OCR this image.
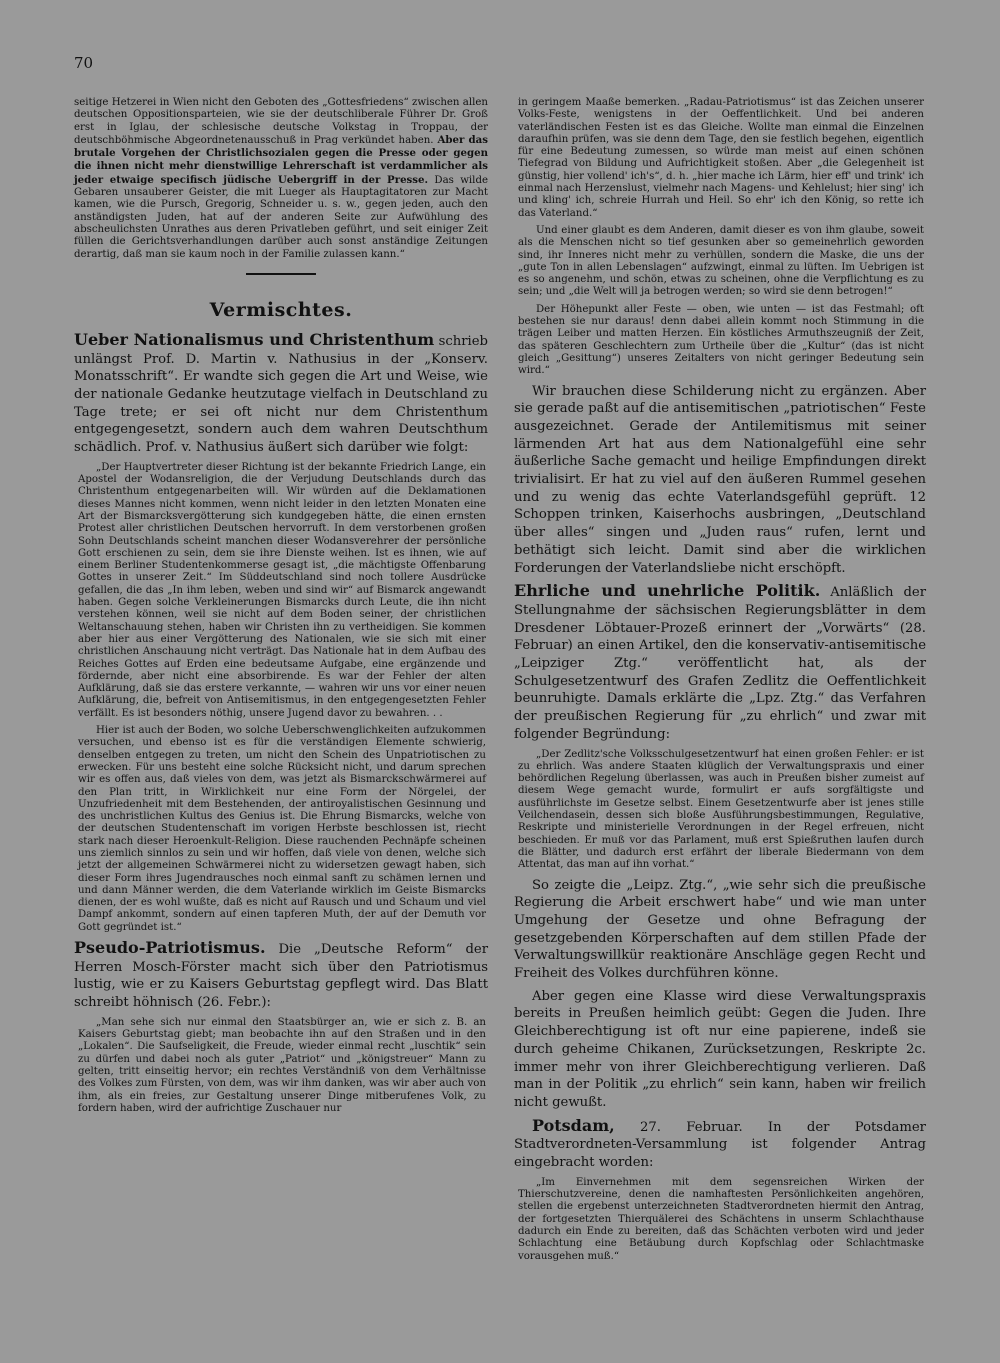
70

seitige Hetzerei in Wien nicht den Geboten des „Gottesfriedens“ zwischen allen deutschen Oppositionsparteien, wie sie der deutschliberale Führer Dr. Groß erst in Iglau, der schlesische deutsche Volkstag in Troppau, der deutschböhmische Abgeordnetenausschuß in Prag verkündet haben. Aber das brutale Vorgehen der Christlichsozialen gegen die Presse oder gegen die ihnen nicht mehr dienstwillige Lehrerschaft ist verdammlicher als jeder etwaige specifisch jüdische Uebergriff in der Presse. Das wilde Gebaren unsauberer Geister, die mit Lueger als Hauptagitatoren zur Macht kamen, wie die Pursch, Gregorig, Schneider u. s. w., gegen jeden, auch den anständigsten Juden, hat auf der anderen Seite zur Aufwühlung des abscheulichsten Unrathes aus deren Privatleben geführt, und seit einiger Zeit füllen die Gerichtsverhandlungen darüber auch sonst anständige Zeitungen derartig, daß man sie kaum noch in der Familie zulassen kann.“

Vermischtes.

Ueber Nationalismus und Christenthum schrieb unlängst Prof. D. Martin v. Nathusius in der „Konserv. Monatsschrift“. Er wandte sich gegen die Art und Weise, wie der nationale Gedanke heutzutage vielfach in Deutschland zu Tage trete; er sei oft nicht nur dem Christenthum entgegengesetzt, sondern auch dem wahren Deutschthum schädlich. Prof. v. Nathusius äußert sich darüber wie folgt:

„Der Hauptvertreter dieser Richtung ist der bekannte Friedrich Lange, ein Apostel der Wodansreligion, die der Verjudung Deutschlands durch das Christenthum entgegenarbeiten will. Wir würden auf die Deklamationen dieses Mannes nicht kommen, wenn nicht leider in den letzten Monaten eine Art der Bismarcksvergötterung sich kundgegeben hätte, die einen ernsten Protest aller christlichen Deutschen hervorruft. In dem verstorbenen großen Sohn Deutschlands scheint manchen dieser Wodansverehrer der persönliche Gott erschienen zu sein, dem sie ihre Dienste weihen. Ist es ihnen, wie auf einem Berliner Studentenkommerse gesagt ist, „die mächtigste Offenbarung Gottes in unserer Zeit.“ Im Süddeutschland sind noch tollere Ausdrücke gefallen, die das „In ihm leben, weben und sind wir“ auf Bismarck angewandt haben. Gegen solche Verkleinerungen Bismarcks durch Leute, die ihn nicht verstehen können, weil sie nicht auf dem Boden seiner, der christlichen Weltanschauung stehen, haben wir Christen ihn zu vertheidigen. Sie kommen aber hier aus einer Vergötterung des Nationalen, wie sie sich mit einer christlichen Anschauung nicht verträgt. Das Nationale hat in dem Aufbau des Reiches Gottes auf Erden eine bedeutsame Aufgabe, eine ergänzende und fördernde, aber nicht eine absorbirende. Es war der Fehler der alten Aufklärung, daß sie das erstere verkannte, — wahren wir uns vor einer neuen Aufklärung, die, befreit von Antisemitismus, in den entgegengesetzten Fehler verfällt. Es ist besonders nöthig, unsere Jugend davor zu bewahren. . .

Hier ist auch der Boden, wo solche Ueberschwenglichkeiten aufzukommen versuchen, und ebenso ist es für die verständigen Elemente schwierig, denselben entgegen zu treten, um nicht den Schein des Unpatriotischen zu erwecken. Für uns besteht eine solche Rücksicht nicht, und darum sprechen wir es offen aus, daß vieles von dem, was jetzt als Bismarckschwärmerei auf den Plan tritt, in Wirklichkeit nur eine Form der Nörgelei, der Unzufriedenheit mit dem Bestehenden, der antiroyalistischen Gesinnung und des unchristlichen Kultus des Genius ist. Die Ehrung Bismarcks, welche von der deutschen Studentenschaft im vorigen Herbste beschlossen ist, riecht stark nach dieser Heroenkult-Religion. Diese rauchenden Pechnäpfe scheinen uns ziemlich sinnlos zu sein und wir hoffen, daß viele von denen, welche sich jetzt der allgemeinen Schwärmerei nicht zu widersetzen gewagt haben, sich dieser Form ihres Jugendrausches noch einmal sanft zu schämen lernen und und dann Männer werden, die dem Vaterlande wirklich im Geiste Bismarcks dienen, der es wohl wußte, daß es nicht auf Rausch und und Schaum und viel Dampf ankommt, sondern auf einen tapferen Muth, der auf der Demuth vor Gott gegründet ist.“

Pseudo-Patriotismus. Die „Deutsche Reform“ der Herren Mosch-Förster macht sich über den Patriotismus lustig, wie er zu Kaisers Geburtstag gepflegt wird. Das Blatt schreibt höhnisch (26. Febr.):

„Man sehe sich nur einmal den Staatsbürger an, wie er sich z. B. an Kaisers Geburtstag giebt; man beobachte ihn auf den Straßen und in den „Lokalen“. Die Saufseligkeit, die Freude, wieder einmal recht „luschtik“ sein zu dürfen und dabei noch als guter „Patriot“ und „königstreuer“ Mann zu gelten, tritt einseitig hervor; ein rechtes Verständniß von dem Verhältnisse des Volkes zum Fürsten, von dem, was wir ihm danken, was wir aber auch von ihm, als ein freies, zur Gestaltung unserer Dinge mitberufenes Volk, zu fordern haben, wird der aufrichtige Zuschauer nur

in geringem Maaße bemerken. „Radau-Patriotismus“ ist das Zeichen unserer Volks-Feste, wenigstens in der Oeffentlichkeit. Und bei anderen vaterländischen Festen ist es das Gleiche. Wollte man einmal die Einzelnen daraufhin prüfen, was sie denn dem Tage, den sie festlich begehen, eigentlich für eine Bedeutung zumessen, so würde man meist auf einen schönen Tiefegrad von Bildung und Aufrichtigkeit stoßen. Aber „die Gelegenheit ist günstig, hier vollend' ich's“, d. h. „hier mache ich Lärm, hier eff' und trink' ich einmal nach Herzenslust, vielmehr nach Magens- und Kehlelust; hier sing' ich und kling' ich, schreie Hurrah und Heil. So ehr' ich den König, so rette ich das Vaterland.“

Und einer glaubt es dem Anderen, damit dieser es von ihm glaube, soweit als die Menschen nicht so tief gesunken aber so gemeinehrlich geworden sind, ihr Inneres nicht mehr zu verhüllen, sondern die Maske, die uns der „gute Ton in allen Lebenslagen“ aufzwingt, einmal zu lüften. Im Uebrigen ist es so angenehm, und schön, etwas zu scheinen, ohne die Verpflichtung es zu sein; und „die Welt will ja betrogen werden; so wird sie denn betrogen!“

Der Höhepunkt aller Feste — oben, wie unten — ist das Festmahl; oft bestehen sie nur daraus! denn dabei allein kommt noch Stimmung in die trägen Leiber und matten Herzen. Ein köstliches Armuthszeugniß der Zeit, das späteren Geschlechtern zum Urtheile über die „Kultur“ (das ist nicht gleich „Gesittung“) unseres Zeitalters von nicht geringer Bedeutung sein wird.“

Wir brauchen diese Schilderung nicht zu ergänzen. Aber sie gerade paßt auf die antisemitischen „patriotischen“ Feste ausgezeichnet. Gerade der Antilemitismus mit seiner lärmenden Art hat aus dem Nationalgefühl eine sehr äußerliche Sache gemacht und heilige Empfindungen direkt trivialisirt. Er hat zu viel auf den äußeren Rummel gesehen und zu wenig das echte Vaterlandsgefühl geprüft. 12 Schoppen trinken, Kaiserhochs ausbringen, „Deutschland über alles“ singen und „Juden raus“ rufen, lernt und bethätigt sich leicht. Damit sind aber die wirklichen Forderungen der Vaterlandsliebe nicht erschöpft.

Ehrliche und unehrliche Politik. Anläßlich der Stellungnahme der sächsischen Regierungsblätter in dem Dresdener Löbtauer-Prozeß erinnert der „Vorwärts“ (28. Februar) an einen Artikel, den die konservativ-antisemitische „Leipziger Ztg.“ veröffentlicht hat, als der Schulgesetzentwurf des Grafen Zedlitz die Oeffentlichkeit beunruhigte. Damals erklärte die „Lpz. Ztg.“ das Verfahren der preußischen Regierung für „zu ehrlich“ und zwar mit folgender Begründung:

„Der Zedlitz'sche Volksschulgesetzentwurf hat einen großen Fehler: er ist zu ehrlich. Was andere Staaten klüglich der Verwaltungspraxis und einer behördlichen Regelung überlassen, was auch in Preußen bisher zumeist auf diesem Wege gemacht wurde, formulirt er aufs sorgfältigste und ausführlichste im Gesetze selbst. Einem Gesetzentwurfe aber ist jenes stille Veilchendasein, dessen sich bloße Ausführungsbestimmungen, Regulative, Reskripte und ministerielle Verordnungen in der Regel erfreuen, nicht beschieden. Er muß vor das Parlament, muß erst Spießruthen laufen durch die Blätter, und dadurch erst erfährt der liberale Biedermann von dem Attentat, das man auf ihn vorhat.“

So zeigte die „Leipz. Ztg.“, „wie sehr sich die preußische Regierung die Arbeit erschwert habe“ und wie man unter Umgehung der Gesetze und ohne Befragung der gesetzgebenden Körperschaften auf dem stillen Pfade der Verwaltungswillkür reaktionäre Anschläge gegen Recht und Freiheit des Volkes durchführen könne.

Aber gegen eine Klasse wird diese Verwaltungspraxis bereits in Preußen heimlich geübt: Gegen die Juden. Ihre Gleichberechtigung ist oft nur eine papierene, indeß sie durch geheime Chikanen, Zurücksetzungen, Reskripte 2c. immer mehr von ihrer Gleichberechtigung verlieren. Daß man in der Politik „zu ehrlich“ sein kann, haben wir freilich nicht gewußt.

Potsdam, 27. Februar. In der Potsdamer Stadtverordneten-Versammlung ist folgender Antrag eingebracht worden:

„Im Einvernehmen mit dem segensreichen Wirken der Thierschutzvereine, denen die namhaftesten Persönlichkeiten angehören, stellen die ergebenst unterzeichneten Stadtverordneten hiermit den Antrag, der fortgesetzten Thierquälerei des Schächtens in unserm Schlachthause dadurch ein Ende zu bereiten, daß das Schächten verboten wird und jeder Schlachtung eine Betäubung durch Kopfschlag oder Schlachtmaske vorausgehen muß.“
